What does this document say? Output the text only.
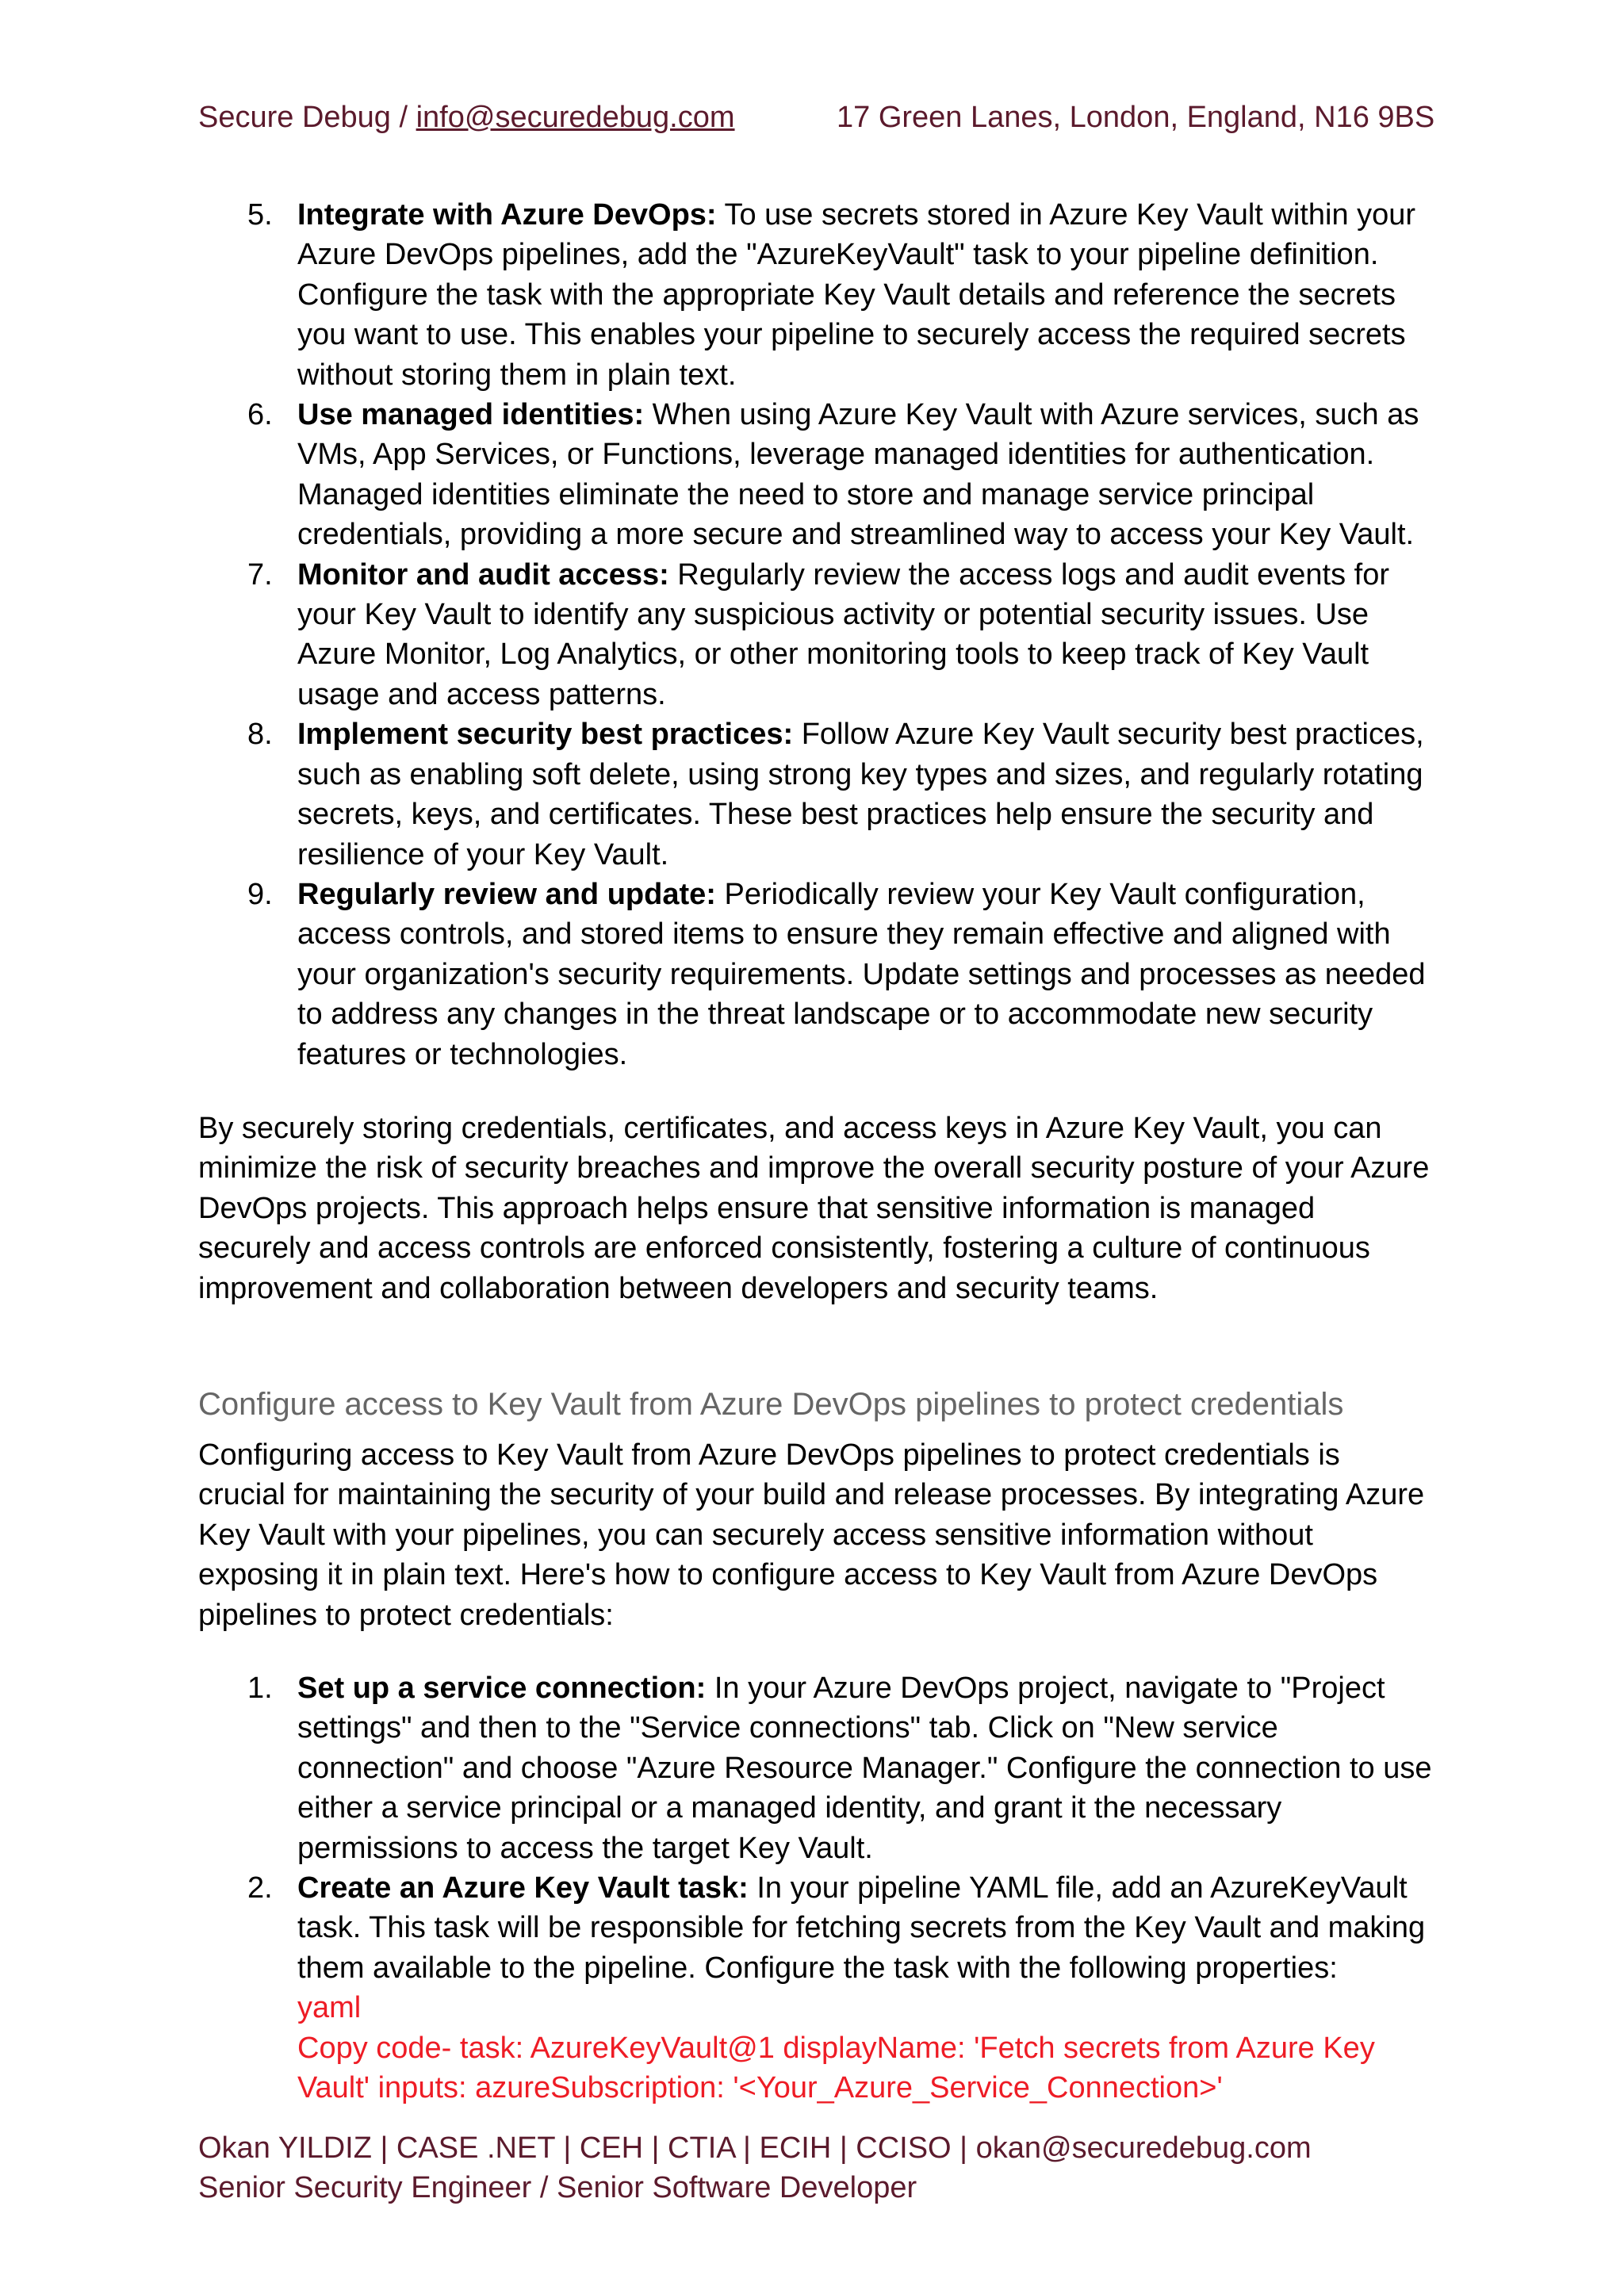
Secure Debug / info@securedebug.com	17 Green Lanes, London, England, N16 9BS
5. Integrate with Azure DevOps: To use secrets stored in Azure Key Vault within your Azure DevOps pipelines, add the "AzureKeyVault" task to your pipeline definition. Configure the task with the appropriate Key Vault details and reference the secrets you want to use. This enables your pipeline to securely access the required secrets without storing them in plain text.
6. Use managed identities: When using Azure Key Vault with Azure services, such as VMs, App Services, or Functions, leverage managed identities for authentication. Managed identities eliminate the need to store and manage service principal credentials, providing a more secure and streamlined way to access your Key Vault.
7. Monitor and audit access: Regularly review the access logs and audit events for your Key Vault to identify any suspicious activity or potential security issues. Use Azure Monitor, Log Analytics, or other monitoring tools to keep track of Key Vault usage and access patterns.
8. Implement security best practices: Follow Azure Key Vault security best practices, such as enabling soft delete, using strong key types and sizes, and regularly rotating secrets, keys, and certificates. These best practices help ensure the security and resilience of your Key Vault.
9. Regularly review and update: Periodically review your Key Vault configuration, access controls, and stored items to ensure they remain effective and aligned with your organization's security requirements. Update settings and processes as needed to address any changes in the threat landscape or to accommodate new security features or technologies.

By securely storing credentials, certificates, and access keys in Azure Key Vault, you can minimize the risk of security breaches and improve the overall security posture of your Azure DevOps projects. This approach helps ensure that sensitive information is managed securely and access controls are enforced consistently, fostering a culture of continuous improvement and collaboration between developers and security teams.

Configure access to Key Vault from Azure DevOps pipelines to protect credentials

Configuring access to Key Vault from Azure DevOps pipelines to protect credentials is crucial for maintaining the security of your build and release processes. By integrating Azure Key Vault with your pipelines, you can securely access sensitive information without exposing it in plain text. Here's how to configure access to Key Vault from Azure DevOps pipelines to protect credentials:

1. Set up a service connection: In your Azure DevOps project, navigate to "Project settings" and then to the "Service connections" tab. Click on "New service connection" and choose "Azure Resource Manager." Configure the connection to use either a service principal or a managed identity, and grant it the necessary permissions to access the target Key Vault.
2. Create an Azure Key Vault task: In your pipeline YAML file, add an AzureKeyVault task. This task will be responsible for fetching secrets from the Key Vault and making them available to the pipeline. Configure the task with the following properties:
yaml
Copy code- task: AzureKeyVault@1 displayName: 'Fetch secrets from Azure Key Vault' inputs: azureSubscription: '<Your_Azure_Service_Connection>'
Okan YILDIZ | CASE .NET | CEH | CTIA | ECIH | CCISO | okan@securedebug.com
Senior Security Engineer / Senior Software Developer
